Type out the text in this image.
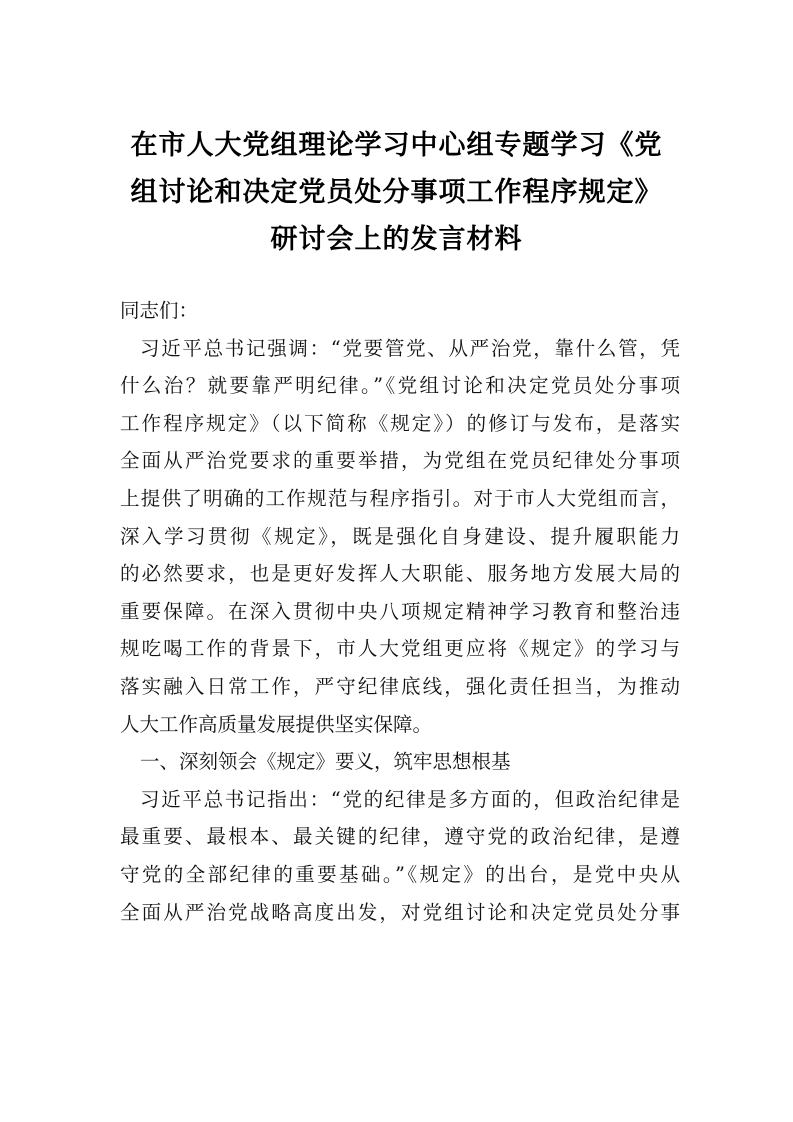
在市人大党组理论学习中心组专题学习《党
组讨论和决定党员处分事项工作程序规定》
研讨会上的发言材料
同志们：
习近平总书记强调：“党要管党、从严治党，靠什么管，凭
什么治？就要靠严明纪律。”《党组讨论和决定党员处分事项
工作程序规定》（以下简称《规定》）的修订与发布，是落实
全面从严治党要求的重要举措，为党组在党员纪律处分事项
上提供了明确的工作规范与程序指引。对于市人大党组而言，
深入学习贯彻《规定》，既是强化自身建设、提升履职能力
的必然要求，也是更好发挥人大职能、服务地方发展大局的
重要保障。在深入贯彻中央八项规定精神学习教育和整治违
规吃喝工作的背景下，市人大党组更应将《规定》的学习与
落实融入日常工作，严守纪律底线，强化责任担当，为推动
人大工作高质量发展提供坚实保障。
一、深刻领会《规定》要义，筑牢思想根基
习近平总书记指出：“党的纪律是多方面的，但政治纪律是
最重要、最根本、最关键的纪律，遵守党的政治纪律，是遵
守党的全部纪律的重要基础。”《规定》的出台，是党中央从
全面从严治党战略高度出发，对党组讨论和决定党员处分事
